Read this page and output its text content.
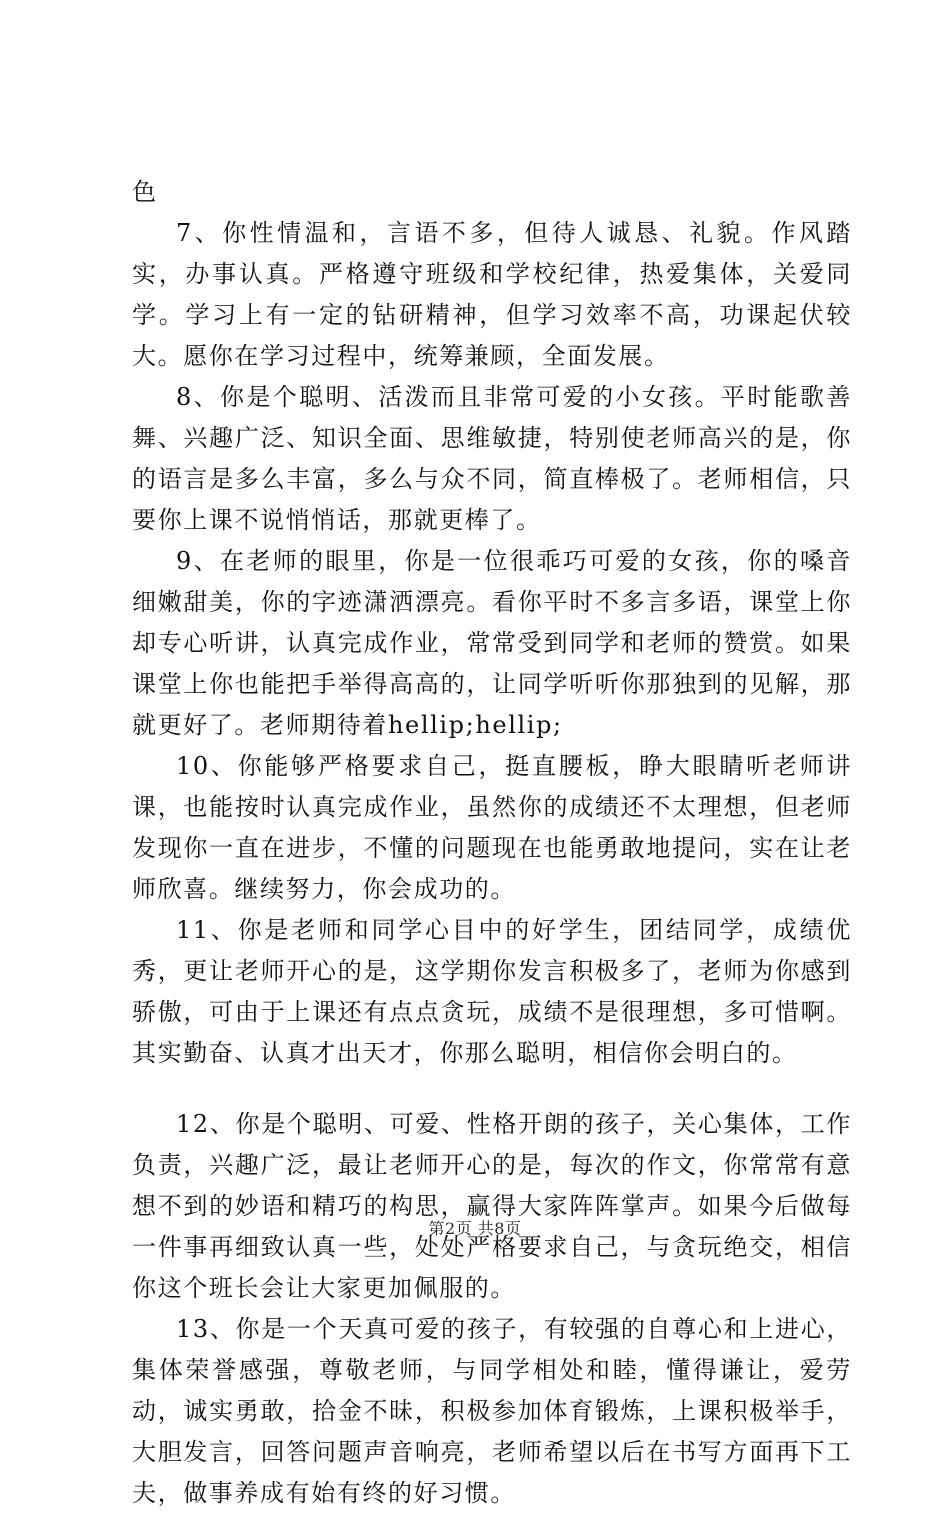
色

7、你性情温和，言语不多，但待人诚恳、礼貌。作风踏实，办事认真。严格遵守班级和学校纪律，热爱集体，关爱同学。学习上有一定的钻研精神，但学习效率不高，功课起伏较大。愿你在学习过程中，统筹兼顾，全面发展。

8、你是个聪明、活泼而且非常可爱的小女孩。平时能歌善舞、兴趣广泛、知识全面、思维敏捷，特别使老师高兴的是，你的语言是多么丰富，多么与众不同，简直棒极了。老师相信，只要你上课不说悄悄话，那就更棒了。

9、在老师的眼里，你是一位很乖巧可爱的女孩，你的嗓音细嫩甜美，你的字迹潇洒漂亮。看你平时不多言多语，课堂上你却专心听讲，认真完成作业，常常受到同学和老师的赞赏。如果课堂上你也能把手举得高高的，让同学听听你那独到的见解，那就更好了。老师期待着hellip;hellip;

10、你能够严格要求自己，挺直腰板，睁大眼睛听老师讲课，也能按时认真完成作业，虽然你的成绩还不太理想，但老师发现你一直在进步，不懂的问题现在也能勇敢地提问，实在让老师欣喜。继续努力，你会成功的。

11、你是老师和同学心目中的好学生，团结同学，成绩优秀，更让老师开心的是，这学期你发言积极多了，老师为你感到骄傲，可由于上课还有点点贪玩，成绩不是很理想，多可惜啊。其实勤奋、认真才出天才，你那么聪明，相信你会明白的。

12、你是个聪明、可爱、性格开朗的孩子，关心集体，工作负责，兴趣广泛，最让老师开心的是，每次的作文，你常常有意想不到的妙语和精巧的构思，赢得大家阵阵掌声。如果今后做每一件事再细致认真一些，处处严格要求自己，与贪玩绝交，相信你这个班长会让大家更加佩服的。

13、你是一个天真可爱的孩子，有较强的自尊心和上进心，集体荣誉感强，尊敬老师，与同学相处和睦，懂得谦让，爱劳动，诚实勇敢，拾金不昧，积极参加体育锻炼，上课积极举手，大胆发言，回答问题声音响亮，老师希望以后在书写方面再下工夫，做事养成有始有终的好习惯。

第2页 共8页
